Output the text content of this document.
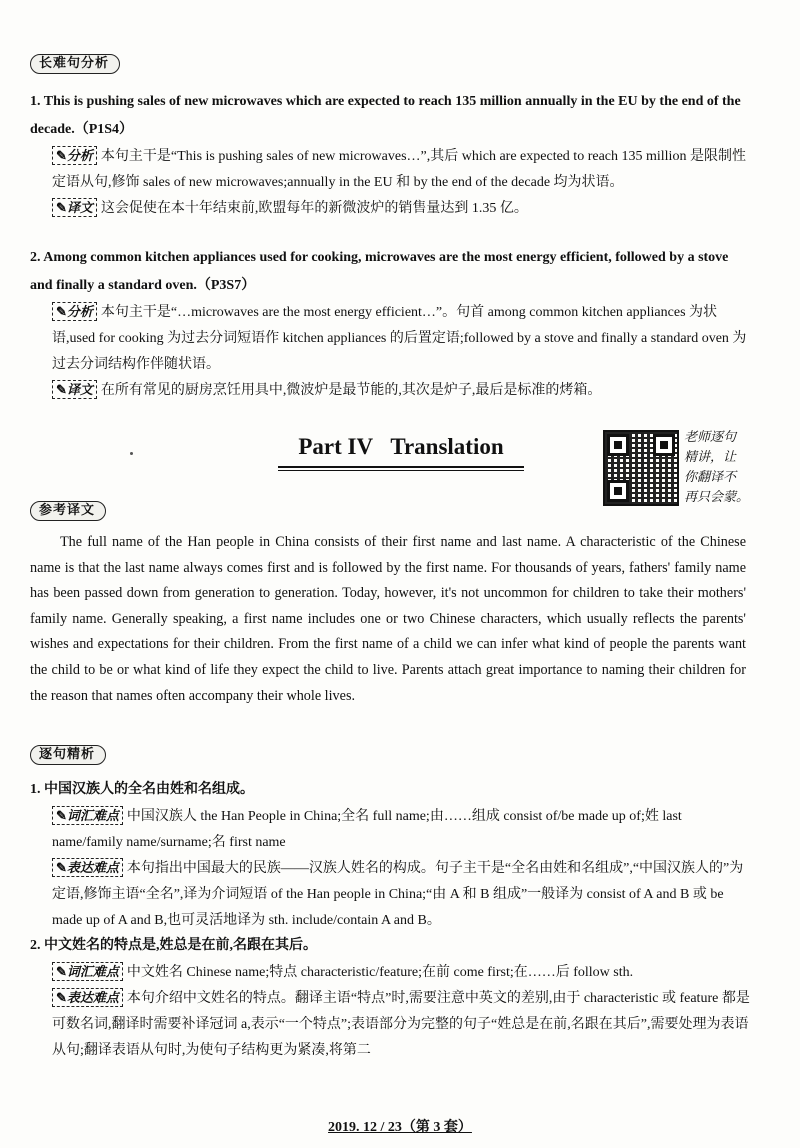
长难句分析
1. This is pushing sales of new microwaves which are expected to reach 135 million annually in the EU by the end of the decade.（P1S4）
✎分析 本句主干是“This is pushing sales of new microwaves…”,其后 which are expected to reach 135 million 是限制性定语从句,修饰 sales of new microwaves;annually in the EU 和 by the end of the decade 均为状语。
✎译文 这会促使在本十年结束前,欧盟每年的新微波炉的销售量达到 1.35 亿。
2. Among common kitchen appliances used for cooking, microwaves are the most energy efficient, followed by a stove and finally a standard oven.（P3S7）
✎分析 本句主干是“…microwaves are the most energy efficient…”。句首 among common kitchen appliances 为状语,used for cooking 为过去分词短语作 kitchen appliances 的后置定语;followed by a stove and finally a standard oven 为过去分词结构作伴随状语。
✎译文 在所有常见的厨房烹饪用具中,微波炉是最节能的,其次是炉子,最后是标准的烤箱。
Part IV Translation	老师逐句
精讲，让
你翻译不
再只会蒙。
参考译文
The full name of the Han people in China consists of their first name and last name. A characteristic of the Chinese name is that the last name always comes first and is followed by the first name. For thousands of years, fathers' family name has been passed down from generation to generation. Today, however, it's not uncommon for children to take their mothers' family name. Generally speaking, a first name includes one or two Chinese characters, which usually reflects the parents' wishes and expectations for their children. From the first name of a child we can infer what kind of people the parents want the child to be or what kind of life they expect the child to live. Parents attach great importance to naming their children for the reason that names often accompany their whole lives.
逐句精析
1. 中国汉族人的全名由姓和名组成。
✎词汇难点 中国汉族人 the Han People in China;全名 full name;由……组成 consist of/be made up of;姓 last name/family name/surname;名 first name
✎表达难点 本句指出中国最大的民族——汉族人姓名的构成。句子主干是“全名由姓和名组成”,“中国汉族人的”为定语,修饰主语“全名”,译为介词短语 of the Han people in China;“由 A 和 B 组成”一般译为 consist of A and B 或 be made up of A and B,也可灵活地译为 sth. include/contain A and B。
2. 中文姓名的特点是,姓总是在前,名跟在其后。
✎词汇难点 中文姓名 Chinese name;特点 characteristic/feature;在前 come first;在……后 follow sth.
✎表达难点 本句介绍中文姓名的特点。翻译主语“特点”时,需要注意中英文的差别,由于 characteristic 或 feature 都是可数名词,翻译时需要补译冠词 a,表示“一个特点”;表语部分为完整的句子“姓总是在前,名跟在其后”,需要处理为表语从句;翻译表语从句时,为使句子结构更为紧凑,将第二
2019. 12 / 23（第 3 套）
